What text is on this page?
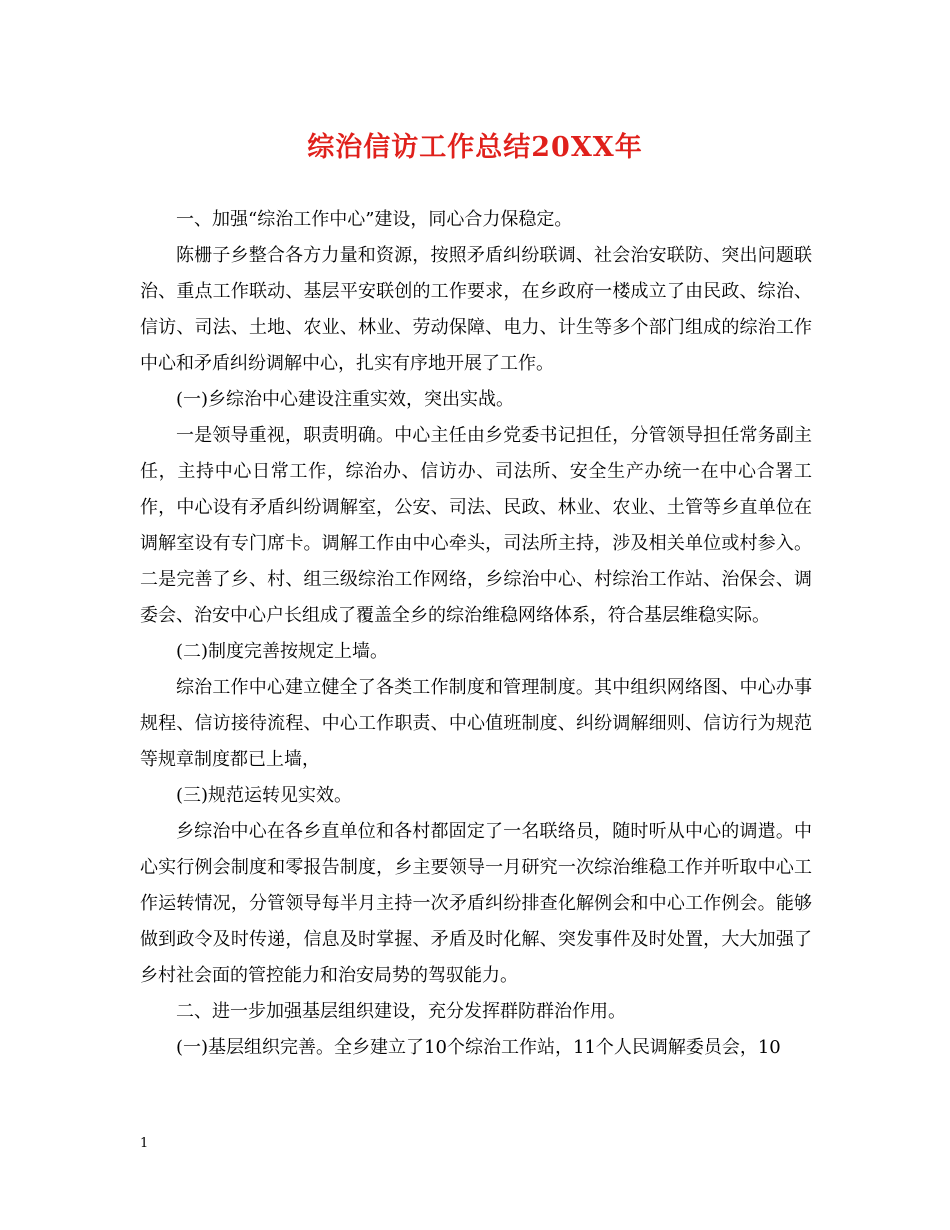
综治信访工作总结20XX年

一、加强“综治工作中心”建设，同心合力保稳定。

陈栅子乡整合各方力量和资源，按照矛盾纠纷联调、社会治安联防、突出问题联治、重点工作联动、基层平安联创的工作要求，在乡政府一楼成立了由民政、综治、信访、司法、土地、农业、林业、劳动保障、电力、计生等多个部门组成的综治工作中心和矛盾纠纷调解中心，扎实有序地开展了工作。

(一)乡综治中心建设注重实效，突出实战。

一是领导重视，职责明确。中心主任由乡党委书记担任，分管领导担任常务副主任，主持中心日常工作，综治办、信访办、司法所、安全生产办统一在中心合署工作，中心设有矛盾纠纷调解室，公安、司法、民政、林业、农业、土管等乡直单位在调解室设有专门席卡。调解工作由中心牵头，司法所主持，涉及相关单位或村参入。二是完善了乡、村、组三级综治工作网络，乡综治中心、村综治工作站、治保会、调委会、治安中心户长组成了覆盖全乡的综治维稳网络体系，符合基层维稳实际。

(二)制度完善按规定上墙。

综治工作中心建立健全了各类工作制度和管理制度。其中组织网络图、中心办事规程、信访接待流程、中心工作职责、中心值班制度、纠纷调解细则、信访行为规范等规章制度都已上墙，

(三)规范运转见实效。

乡综治中心在各乡直单位和各村都固定了一名联络员，随时听从中心的调遣。中心实行例会制度和零报告制度，乡主要领导一月研究一次综治维稳工作并听取中心工作运转情况，分管领导每半月主持一次矛盾纠纷排查化解例会和中心工作例会。能够做到政令及时传递，信息及时掌握、矛盾及时化解、突发事件及时处置，大大加强了乡村社会面的管控能力和治安局势的驾驭能力。

二、进一步加强基层组织建设，充分发挥群防群治作用。

(一)基层组织完善。全乡建立了10个综治工作站，11个人民调解委员会，10

1
